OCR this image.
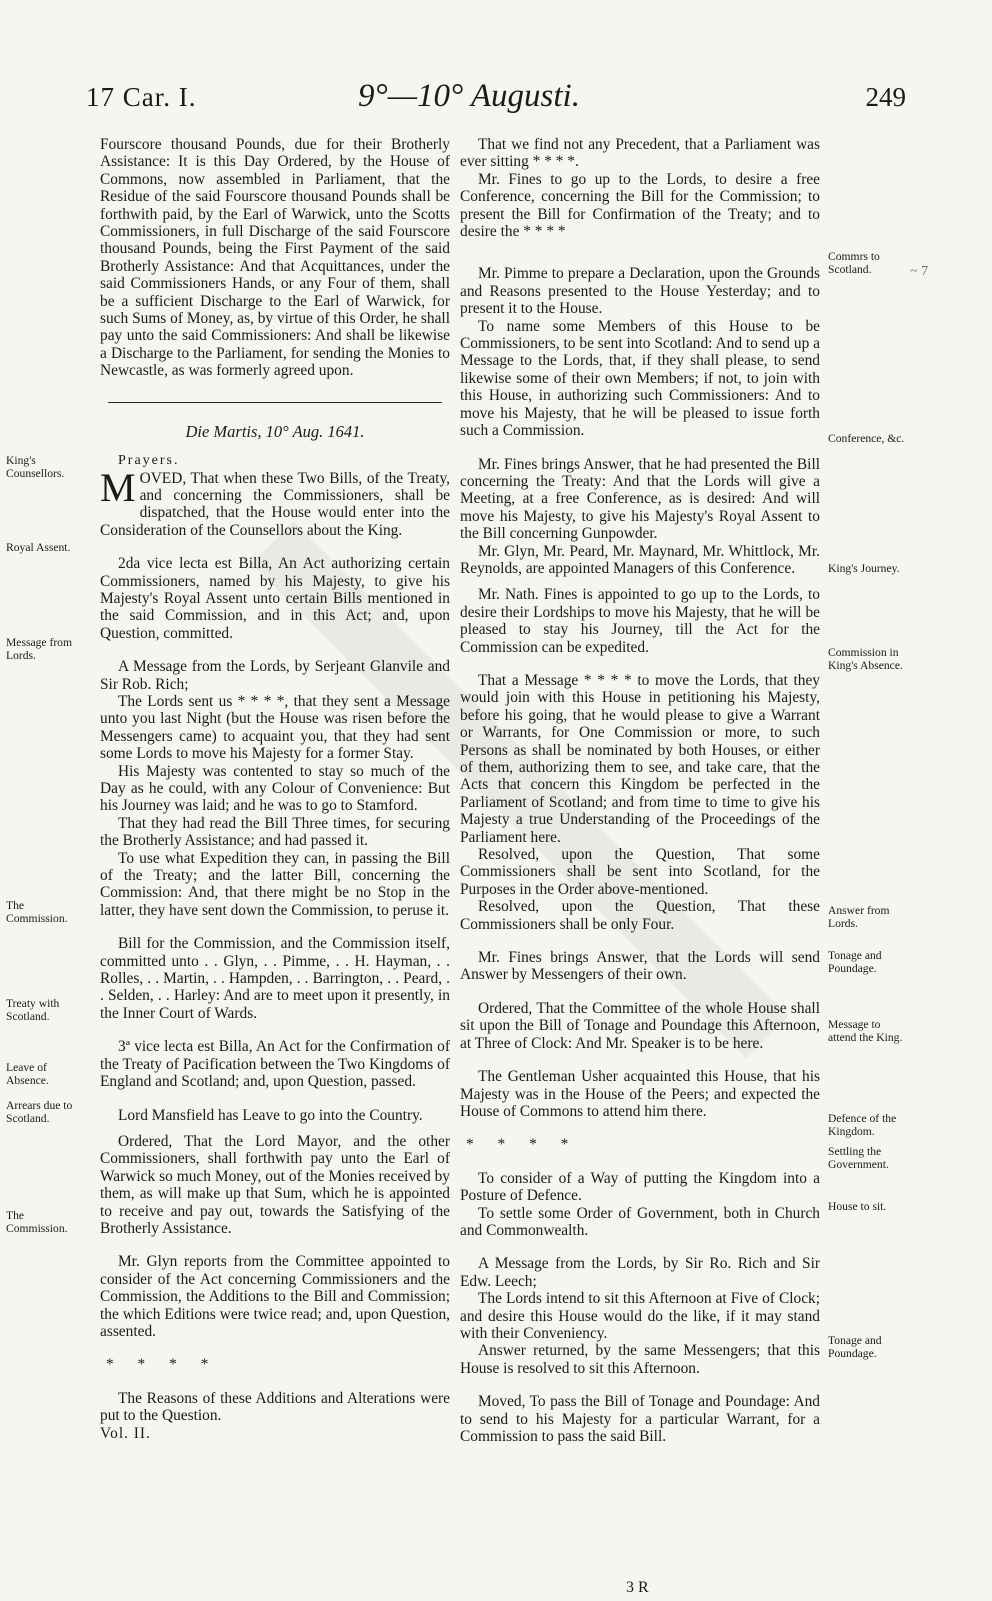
17 Car. I.	9°—10° Augusti.	249

Fourscore thousand Pounds, due for their Brotherly Assistance: It is this Day Ordered, by the House of Commons, now assembled in Parliament, that the Residue of the said Fourscore thousand Pounds shall be forthwith paid, by the Earl of Warwick, unto the Scotts Commissioners, in full Discharge of the said Fourscore thousand Pounds, being the First Payment of the said Brotherly Assistance: And that Acquittances, under the said Commissioners Hands, or any Four of them, shall be a sufficient Discharge to the Earl of Warwick, for such Sums of Money, as, by virtue of this Order, he shall pay unto the said Commissioners: And shall be likewise a Discharge to the Parliament, for sending the Monies to Newcastle, as was formerly agreed upon.

Die Martis, 10° Aug. 1641.

Prayers.

MOVED, That when these Two Bills, of the Treaty, and concerning the Commissioners, shall be dispatched, that the House would enter into the Consideration of the Counsellors about the King.

2da vice lecta est Billa, An Act authorizing certain Commissioners, named by his Majesty, to give his Majesty's Royal Assent unto certain Bills mentioned in the said Commission, and in this Act; and, upon Question, committed.

A Message from the Lords, by Serjeant Glanvile and Sir Rob. Rich;

The Lords sent us * * * *, that they sent a Message unto you last Night (but the House was risen before the Messengers came) to acquaint you, that they had sent some Lords to move his Majesty for a former Stay.

His Majesty was contented to stay so much of the Day as he could, with any Colour of Convenience: But his Journey was laid; and he was to go to Stamford.

That they had read the Bill Three times, for securing the Brotherly Assistance; and had passed it.

To use what Expedition they can, in passing the Bill of the Treaty; and the latter Bill, concerning the Commission: And, that there might be no Stop in the latter, they have sent down the Commission, to peruse it.

Bill for the Commission, and the Commission itself, committed unto . . Glyn, . . Pimme, . . H. Hayman, . . Rolles, . . Martin, . . Hampden, . . Barrington, . . Peard, . . Selden, . . Harley: And are to meet upon it presently, in the Inner Court of Wards.

3ª vice lecta est Billa, An Act for the Confirmation of the Treaty of Pacification between the Two Kingdoms of England and Scotland; and, upon Question, passed.

Lord Mansfield has Leave to go into the Country.

Ordered, That the Lord Mayor, and the other Commissioners, shall forthwith pay unto the Earl of Warwick so much Money, out of the Monies received by them, as will make up that Sum, which he is appointed to receive and pay out, towards the Satisfying of the Brotherly Assistance.

Mr. Glyn reports from the Committee appointed to consider of the Act concerning Commissioners and the Commission, the Additions to the Bill and Commission; the which Editions were twice read; and, upon Question, assented.

* * * *

The Reasons of these Additions and Alterations were put to the Question.

Vol. II.

That we find not any Precedent, that a Parliament was ever sitting * * * *.

Mr. Fines to go up to the Lords, to desire a free Conference, concerning the Bill for the Commission; to present the Bill for Confirmation of the Treaty; and to desire the * * * *

Mr. Pimme to prepare a Declaration, upon the Grounds and Reasons presented to the House Yesterday; and to present it to the House.

To name some Members of this House to be Commissioners, to be sent into Scotland: And to send up a Message to the Lords, that, if they shall please, to send likewise some of their own Members; if not, to join with this House, in authorizing such Commissioners: And to move his Majesty, that he will be pleased to issue forth such a Commission.

Mr. Fines brings Answer, that he had presented the Bill concerning the Treaty: And that the Lords will give a Meeting, at a free Conference, as is desired: And will move his Majesty, to give his Majesty's Royal Assent to the Bill concerning Gunpowder.

Mr. Glyn, Mr. Peard, Mr. Maynard, Mr. Whittlock, Mr. Reynolds, are appointed Managers of this Conference.

Mr. Nath. Fines is appointed to go up to the Lords, to desire their Lordships to move his Majesty, that he will be pleased to stay his Journey, till the Act for the Commission can be expedited.

That a Message * * * * to move the Lords, that they would join with this House in petitioning his Majesty, before his going, that he would please to give a Warrant or Warrants, for One Commission or more, to such Persons as shall be nominated by both Houses, or either of them, authorizing them to see, and take care, that the Acts that concern this Kingdom be perfected in the Parliament of Scotland; and from time to time to give his Majesty a true Understanding of the Proceedings of the Parliament here.

Resolved, upon the Question, That some Commissioners shall be sent into Scotland, for the Purposes in the Order above-mentioned.

Resolved, upon the Question, That these Commissioners shall be only Four.

Mr. Fines brings Answer, that the Lords will send Answer by Messengers of their own.

Ordered, That the Committee of the whole House shall sit upon the Bill of Tonage and Poundage this Afternoon, at Three of Clock: And Mr. Speaker is to be here.

The Gentleman Usher acquainted this House, that his Majesty was in the House of the Peers; and expected the House of Commons to attend him there.

* * * *

To consider of a Way of putting the Kingdom into a Posture of Defence.

To settle some Order of Government, both in Church and Commonwealth.

A Message from the Lords, by Sir Ro. Rich and Sir Edw. Leech;

The Lords intend to sit this Afternoon at Five of Clock; and desire this House would do the like, if it may stand with their Conveniency.

Answer returned, by the same Messengers; that this House is resolved to sit this Afternoon.

Moved, To pass the Bill of Tonage and Poundage: And to send to his Majesty for a particular Warrant, for a Commission to pass the said Bill.

3 R
King's Counsellors.
Royal Assent.
Message from Lords.
The Commission.
Treaty with Scotland.
Leave of Absence.
Arrears due to Scotland.
The Commission.
Commrs to Scotland.
Conference, &c.
King's Journey.
Commission in King's Absence.
Answer from Lords.
Tonage and Poundage.
Message to attend the King.
Defence of the Kingdom.
Settling the Government.
House to sit.
Tonage and Poundage.
~ 7
